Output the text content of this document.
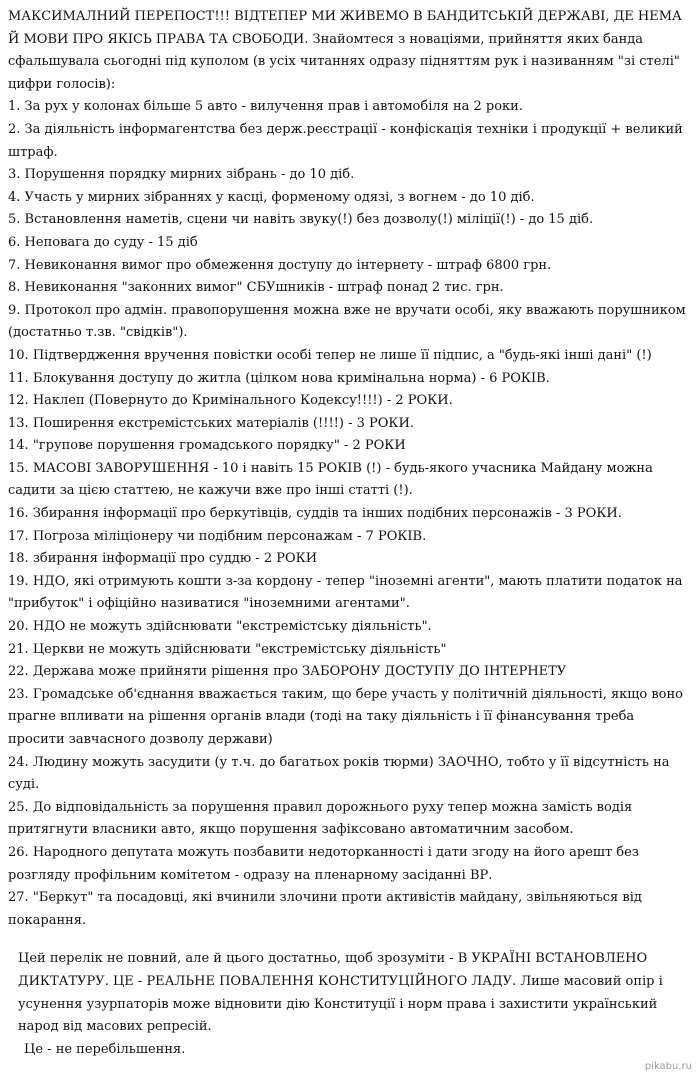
МАКСИМАЛНИЙ ПЕРЕПОСТ!!! ВІДТЕПЕР МИ ЖИВЕМО В БАНДИТСЬКІЙ ДЕРЖАВІ, ДЕ НЕМА Й МОВИ ПРО ЯКІСЬ ПРАВА ТА СВОБОДИ. Знайомтеся з новаціями, прийняття яких банда сфальшувала сьогодні під куполом (в усіх читаннях одразу підняттям рук і називанням "зі стелі" цифри голосів):
1. За рух у колонах більше 5 авто - вилучення прав і автомобіля на 2 роки.
2. За діяльність інформагентства без держ.реєстрації - конфіскація техніки і продукції + великий штраф.
3. Порушення порядку мирних зібрань - до 10 діб.
4. Участь у мирних зібраннях у касці, форменому одязі, з вогнем - до 10 діб.
5. Встановлення наметів, сцени чи навіть звуку(!) без дозволу(!) міліції(!) - до 15 діб.
6. Неповага до суду - 15 діб
7. Невиконання вимог про обмеження доступу до інтернету - штраф 6800 грн.
8. Невиконання "законних вимог" СБУшників - штраф понад 2 тис. грн.
9. Протокол про адмін. правопорушення можна вже не вручати особі, яку вважають порушником (достатньо т.зв. "свідків").
10. Підтвердження вручення повістки особі тепер не лише її підпис, а "будь-які інші дані" (!)
11. Блокування доступу до житла (цілком нова кримінальна норма) - 6 РОКІВ.
12. Наклеп (Повернуто до Кримінального Кодексу!!!!) - 2 РОКИ.
13. Поширення екстремістських матеріалів (!!!!) - 3 РОКИ.
14. "групове порушення громадського порядку" - 2 РОКИ
15. МАСОВІ ЗАВОРУШЕННЯ - 10 і навіть 15 РОКІВ (!) - будь-якого учасника Майдану можна садити за цією статтею, не кажучи вже про інші статті (!).
16. Збирання інформації про беркутівців, суддів та інших подібних персонажів - 3 РОКИ.
17. Погроза міліціонеру чи подібним персонажам - 7 РОКІВ.
18. збирання інформації про суддю - 2 РОКИ
19. НДО, які отримують кошти з-за кордону - тепер "іноземні агенти", мають платити податок на "прибуток" і офіційно називатися "іноземними агентами".
20. НДО не можуть здійснювати "екстремістську діяльність".
21. Церкви не можуть здійснювати "екстремістську діяльність"
22. Держава може прийняти рішення про ЗАБОРОНУ ДОСТУПУ ДО ІНТЕРНЕТУ
23. Громадське об'єднання вважається таким, що бере участь у політичній діяльності, якщо воно прагне впливати на рішення органів влади (тоді на таку діяльність і її фінансування треба просити завчасного дозволу держави)
24. Людину можуть засудити (у т.ч. до багатьох років тюрми) ЗАОЧНО, тобто у її відсутність на суді.
25. До відповідальність за порушення правил дорожнього руху тепер можна замість водія притягнути власники авто, якщо порушення зафіксовано автоматичним засобом.
26. Народного депутата можуть позбавити недоторканності і дати згоду на його арешт без розгляду профільним комітетом - одразу на пленарному засіданні ВР.
27. "Беркут" та посадовці, які вчинили злочини проти активістів майдану, звільняються від покарання.
Цей перелік не повний, але й цього достатньо, щоб зрозуміти - В УКРАЇНІ ВСТАНОВЛЕНО ДИКТАТУРУ. ЦЕ - РЕАЛЬНЕ ПОВАЛЕННЯ КОНСТИТУЦІЙНОГО ЛАДУ. Лише масовий опір і усунення узурпаторів може відновити дію Конституції і норм права і захистити український народ від масових репресій.
Це - не перебільшення.
pikabu.ru
